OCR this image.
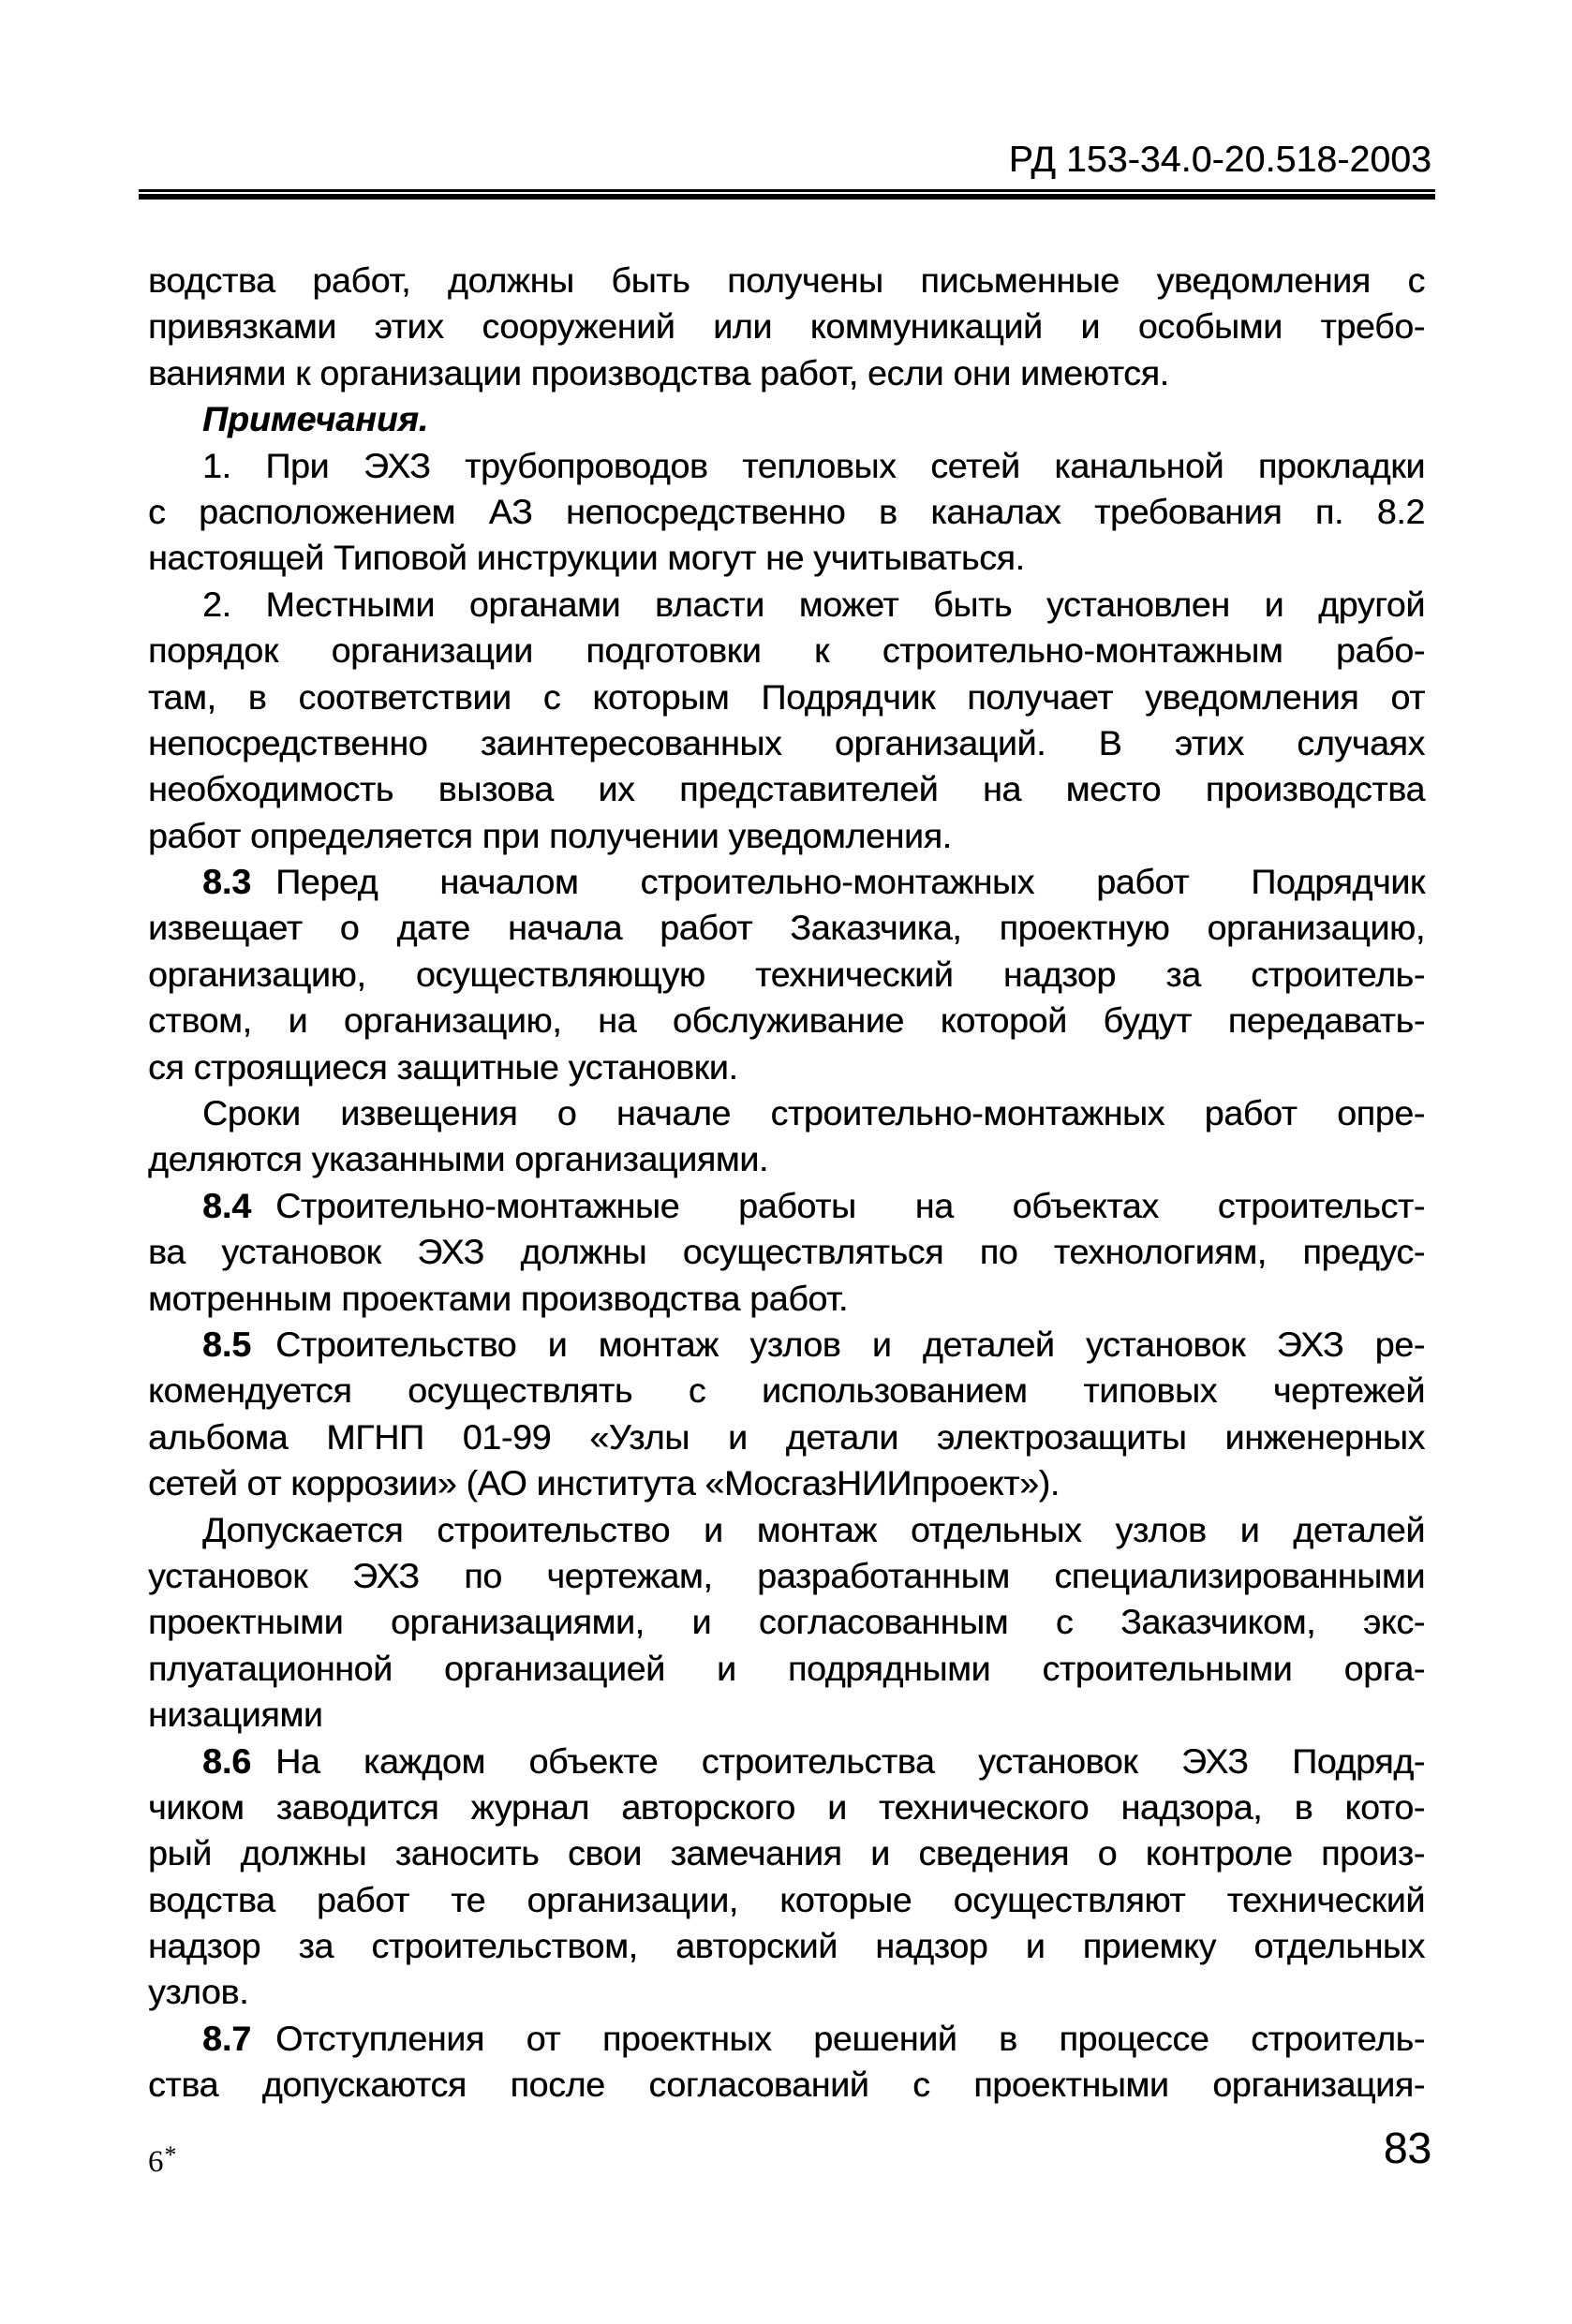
РД 153-34.0-20.518-2003
водства работ, должны быть получены письменные уведомления с
привязками этих сооружений или коммуникаций и особыми требо-
ваниями к организации производства работ, если они имеются.
Примечания.
1. При ЭХЗ трубопроводов тепловых сетей канальной прокладки
с расположением АЗ непосредственно в каналах требования п. 8.2
настоящей Типовой инструкции могут не учитываться.
2. Местными органами власти может быть установлен и другой
порядок организации подготовки к строительно-монтажным рабо-
там, в соответствии с которым Подрядчик получает уведомления от
непосредственно заинтересованных организаций. В этих случаях
необходимость вызова их представителей на место производства
работ определяется при получении уведомления.
8.3 Перед началом строительно-монтажных работ Подрядчик
извещает о дате начала работ Заказчика, проектную организацию,
организацию, осуществляющую технический надзор за строитель-
ством, и организацию, на обслуживание которой будут передавать-
ся строящиеся защитные установки.
Сроки извещения о начале строительно-монтажных работ опре-
деляются указанными организациями.
8.4 Строительно-монтажные работы на объектах строительст-
ва установок ЭХЗ должны осуществляться по технологиям, предус-
мотренным проектами производства работ.
8.5 Строительство и монтаж узлов и деталей установок ЭХЗ ре-
комендуется осуществлять с использованием типовых чертежей
альбома МГНП 01-99 «Узлы и детали электрозащиты инженерных
сетей от коррозии» (АО института «МосгазНИИпроект»).
Допускается строительство и монтаж отдельных узлов и деталей
установок ЭХЗ по чертежам, разработанным специализированными
проектными организациями, и согласованным с Заказчиком, экс-
плуатационной организацией и подрядными строительными орга-
низациями
8.6 На каждом объекте строительства установок ЭХЗ Подряд-
чиком заводится журнал авторского и технического надзора, в кото-
рый должны заносить свои замечания и сведения о контроле произ-
водства работ те организации, которые осуществляют технический
надзор за строительством, авторский надзор и приемку отдельных
узлов.
8.7 Отступления от проектных решений в процессе строитель-
ства допускаются после согласований с проектными организация-
6*	83
